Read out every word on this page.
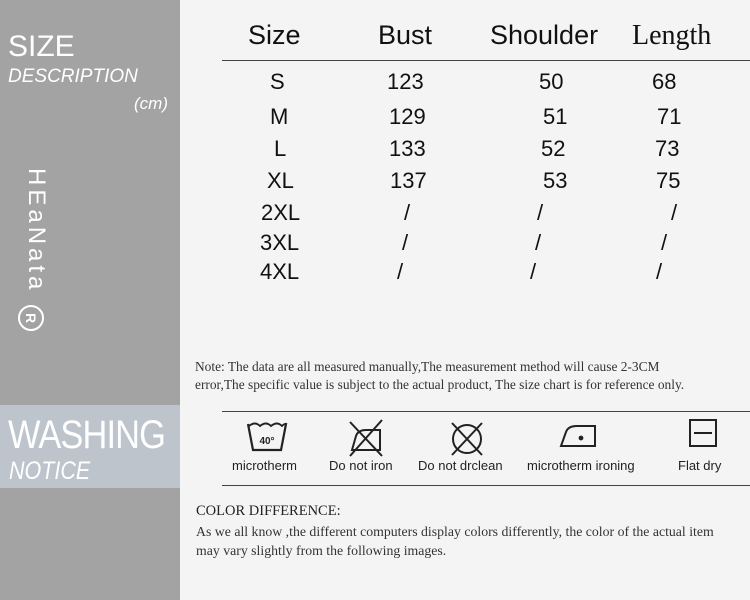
SIZE
DESCRIPTION
(cm)
HEaNata
R
WASHING
NOTICE
Size	Bust Shoulder Length
S	123	50	68
M	129	51	71
L	133	52	73
XL	137	53	75
2XL	/	/	/
3XL	/	/	/
4XL	/	/	/
Note: The data are all measured manually,The measurement method will cause 2-3CM
error,The specific value is subject to the actual product, The size chart is for reference only.
40°
microtherm Do not iron Do not drclean microtherm ironing	Flat dry
COLOR DIFFERENCE:
As we all know ,the different computers display colors differently, the color of the actual item
may vary slightly from the following images.
